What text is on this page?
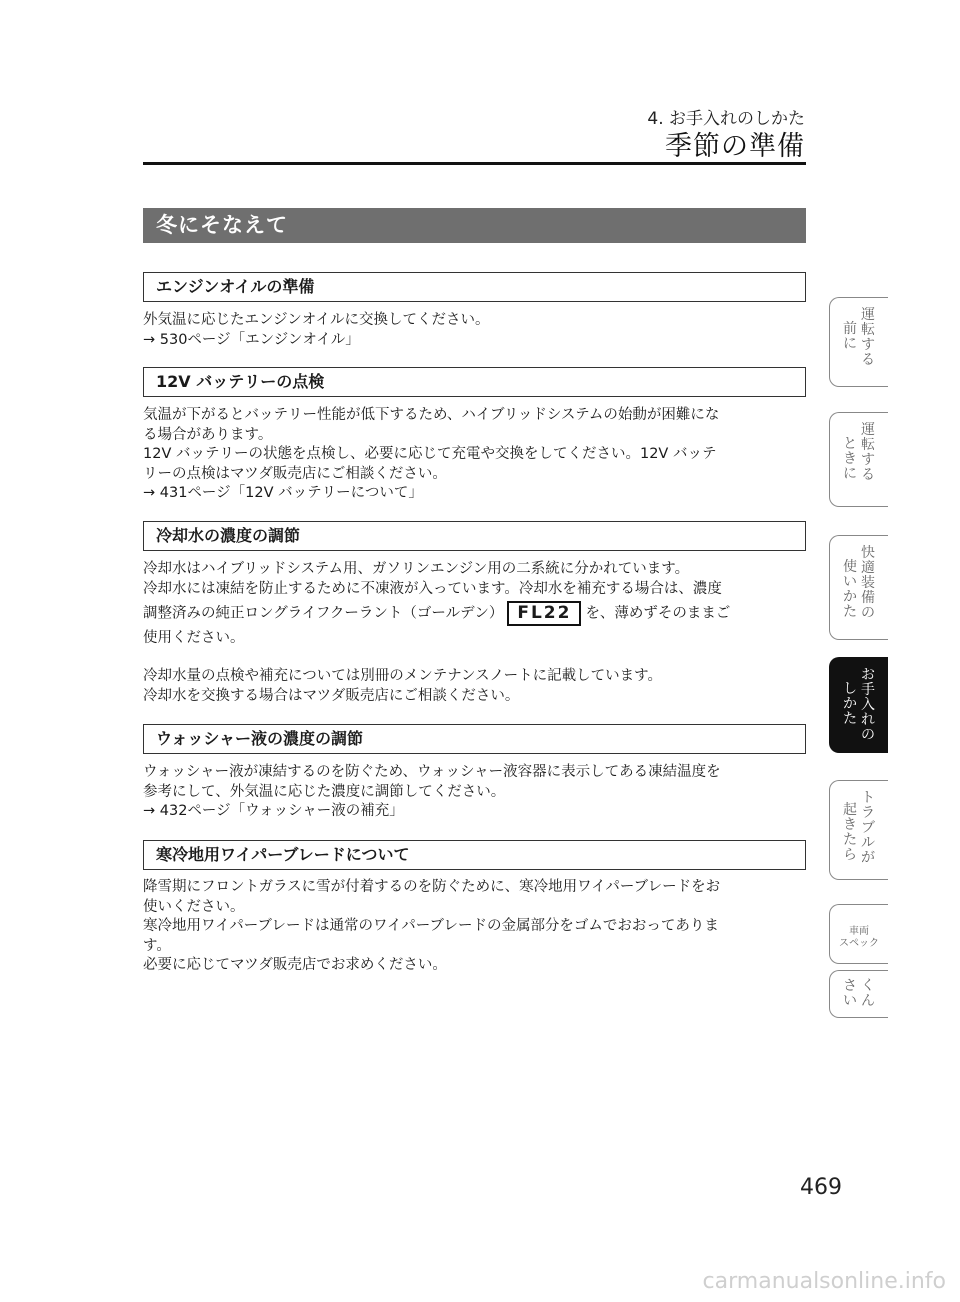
4. お手入れのしかた
季節の準備
冬にそなえて
エンジンオイルの準備

外気温に応じたエンジンオイルに交換してください。

→ 530ページ「エンジンオイル」

12V バッテリーの点検

気温が下がるとバッテリー性能が低下するため、ハイブリッドシステムの始動が困難にな

る場合があります。

12V バッテリーの状態を点検し、必要に応じて充電や交換をしてください。12V バッテ

リーの点検はマツダ販売店にご相談ください。

→ 431ページ「12V バッテリーについて」

冷却水の濃度の調節

冷却水はハイブリッドシステム用、ガソリンエンジン用の二系統に分かれています。

冷却水には凍結を防止するために不凍液が入っています。冷却水を補充する場合は、濃度

調整済みの純正ロングライフクーラント（ゴールデン） FL22 を、薄めずそのままご

使用ください。

冷却水量の点検や補充については別冊のメンテナンスノートに記載しています。

冷却水を交換する場合はマツダ販売店にご相談ください。

ウォッシャー液の濃度の調節

ウォッシャー液が凍結するのを防ぐため、ウォッシャー液容器に表示してある凍結温度を

参考にして、外気温に応じた濃度に調節してください。

→ 432ページ「ウォッシャー液の補充」

寒冷地用ワイパーブレードについて

降雪期にフロントガラスに雪が付着するのを防ぐために、寒冷地用ワイパーブレードをお

使いください。

寒冷地用ワイパーブレードは通常のワイパーブレードの金属部分をゴムでおおってありま

す。

必要に応じてマツダ販売店でお求めください。

運
転
す
る
前
に
運
転
す
る
と
き
に
快
適
装
備
の
使
い
か
た
お
手
入
れ
の
し
か
た
ト
ラ
ブ
ル
が
起
き
た
ら
車両
スペック
く
ん
さ
い
469
carmanualsonline.info
